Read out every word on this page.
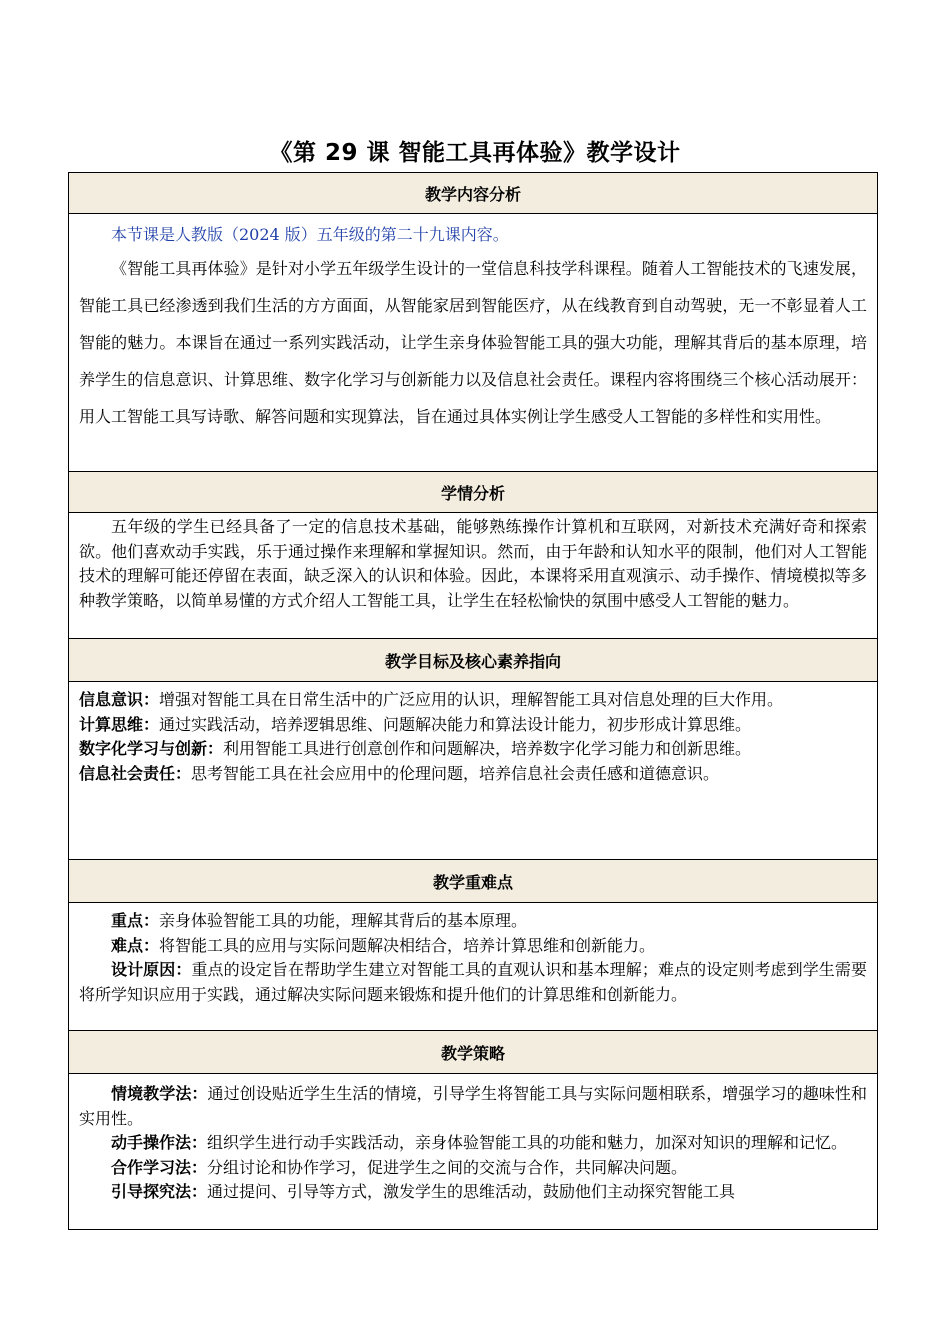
《第 29 课 智能工具再体验》教学设计
教学内容分析

本节课是人教版（2024 版）五年级的第二十九课内容。

《智能工具再体验》是针对小学五年级学生设计的一堂信息科技学科课程。随着人工智能技术的飞速发展，智能工具已经渗透到我们生活的方方面面，从智能家居到智能医疗，从在线教育到自动驾驶，无一不彰显着人工智能的魅力。本课旨在通过一系列实践活动，让学生亲身体验智能工具的强大功能，理解其背后的基本原理，培养学生的信息意识、计算思维、数字化学习与创新能力以及信息社会责任。课程内容将围绕三个核心活动展开：用人工智能工具写诗歌、解答问题和实现算法，旨在通过具体实例让学生感受人工智能的多样性和实用性。

学情分析

五年级的学生已经具备了一定的信息技术基础，能够熟练操作计算机和互联网，对新技术充满好奇和探索欲。他们喜欢动手实践，乐于通过操作来理解和掌握知识。然而，由于年龄和认知水平的限制，他们对人工智能技术的理解可能还停留在表面，缺乏深入的认识和体验。因此，本课将采用直观演示、动手操作、情境模拟等多种教学策略，以简单易懂的方式介绍人工智能工具，让学生在轻松愉快的氛围中感受人工智能的魅力。

教学目标及核心素养指向

信息意识：增强对智能工具在日常生活中的广泛应用的认识，理解智能工具对信息处理的巨大作用。

计算思维：通过实践活动，培养逻辑思维、问题解决能力和算法设计能力，初步形成计算思维。

数字化学习与创新：利用智能工具进行创意创作和问题解决，培养数字化学习能力和创新思维。

信息社会责任：思考智能工具在社会应用中的伦理问题，培养信息社会责任感和道德意识。

教学重难点

重点：亲身体验智能工具的功能，理解其背后的基本原理。

难点：将智能工具的应用与实际问题解决相结合，培养计算思维和创新能力。

设计原因：重点的设定旨在帮助学生建立对智能工具的直观认识和基本理解；难点的设定则考虑到学生需要将所学知识应用于实践，通过解决实际问题来锻炼和提升他们的计算思维和创新能力。

教学策略

情境教学法：通过创设贴近学生生活的情境，引导学生将智能工具与实际问题相联系，增强学习的趣味性和实用性。

动手操作法：组织学生进行动手实践活动，亲身体验智能工具的功能和魅力，加深对知识的理解和记忆。

合作学习法：分组讨论和协作学习，促进学生之间的交流与合作，共同解决问题。

引导探究法：通过提问、引导等方式，激发学生的思维活动，鼓励他们主动探究智能工具
